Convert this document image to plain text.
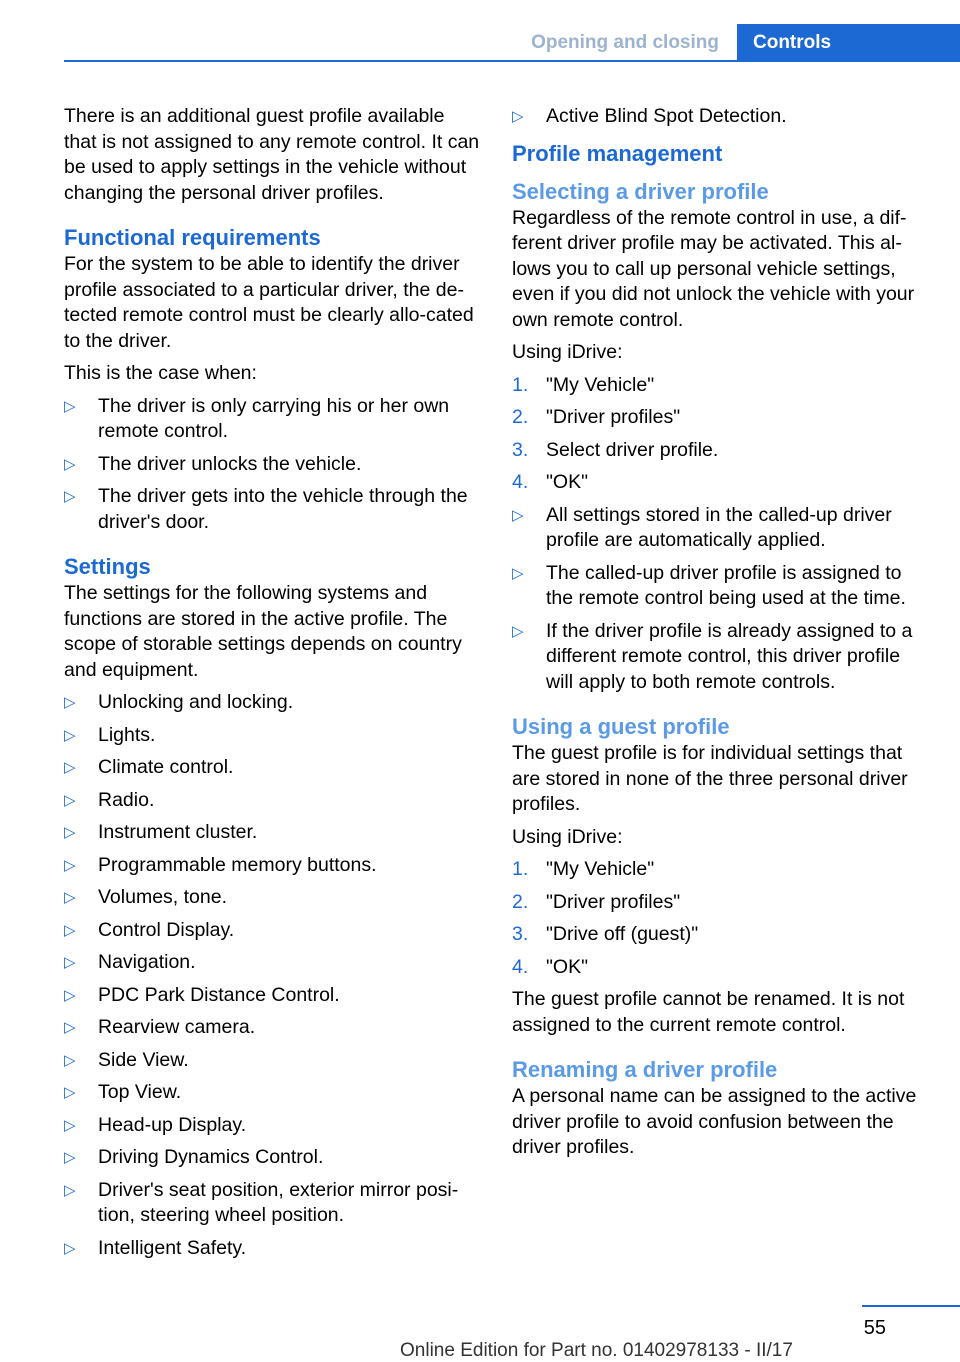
Opening and closing	Controls

There is an additional guest profile available that is not assigned to any remote control. It can be used to apply settings in the vehicle without changing the personal driver profiles.

Functional requirements

For the system to be able to identify the driver profile associated to a particular driver, the de‐tected remote control must be clearly allo‐cated to the driver.

This is the case when:

▷ The driver is only carrying his or her own remote control.
▷ The driver unlocks the vehicle.
▷ The driver gets into the vehicle through the driver's door.
Settings

The settings for the following systems and functions are stored in the active profile. The scope of storable settings depends on country and equipment.

▷ Unlocking and locking.
▷ Lights.
▷ Climate control.
▷ Radio.
▷ Instrument cluster.
▷ Programmable memory buttons.
▷ Volumes, tone.
▷ Control Display.
▷ Navigation.
▷ PDC Park Distance Control.
▷ Rearview camera.
▷ Side View.
▷ Top View.
▷ Head-up Display.
▷ Driving Dynamics Control.
▷ Driver's seat position, exterior mirror posi‐tion, steering wheel position.
▷ Intelligent Safety.
▷ Active Blind Spot Detection.
Profile management
Selecting a driver profile

Regardless of the remote control in use, a dif‐ferent driver profile may be activated. This al‐lows you to call up personal vehicle settings, even if you did not unlock the vehicle with your own remote control.

Using iDrive:

1. "My Vehicle"
2. "Driver profiles"
3. Select driver profile.
4. "OK"
▷ All settings stored in the called-up driver profile are automatically applied.
▷ The called-up driver profile is assigned to the remote control being used at the time.
▷ If the driver profile is already assigned to a different remote control, this driver profile will apply to both remote controls.
Using a guest profile

The guest profile is for individual settings that are stored in none of the three personal driver profiles.

Using iDrive:

1. "My Vehicle"
2. "Driver profiles"
3. "Drive off (guest)"
4. "OK"

The guest profile cannot be renamed. It is not assigned to the current remote control.

Renaming a driver profile

A personal name can be assigned to the active driver profile to avoid confusion between the driver profiles.

55
Online Edition for Part no. 01402978133 - II/17
